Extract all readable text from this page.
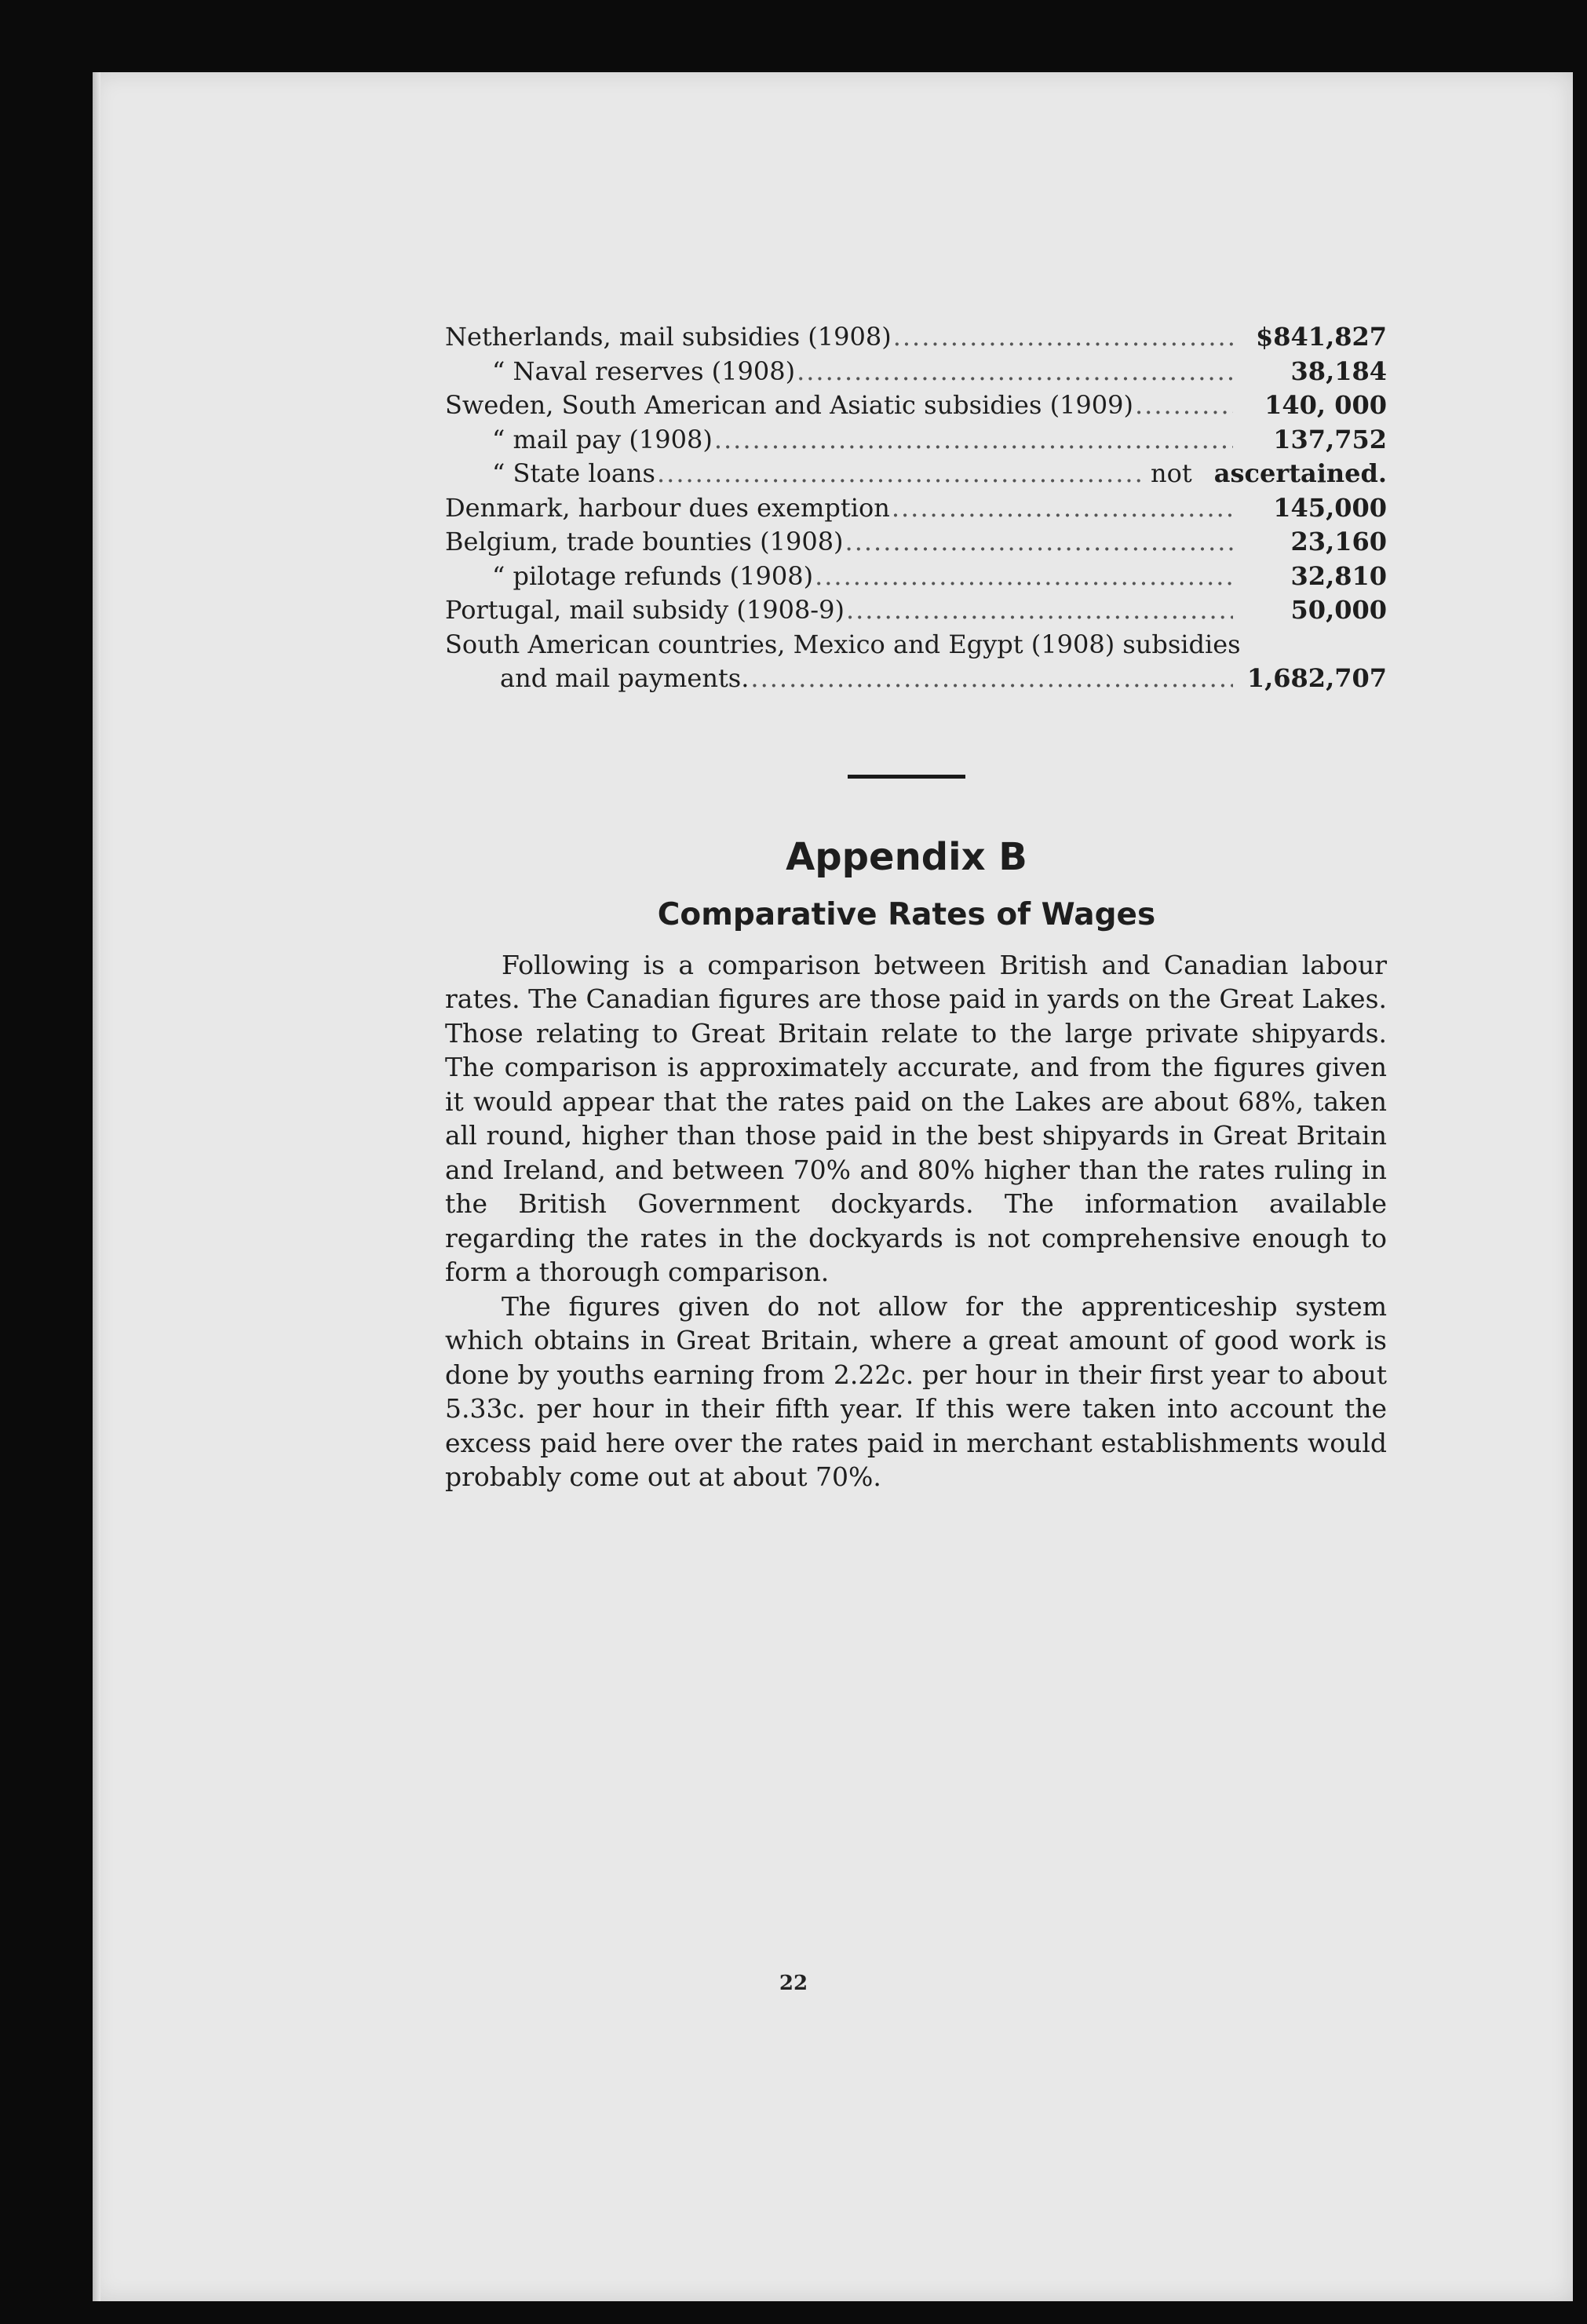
Netherlands, mail subsidies (1908) .....	$841,827
“ Naval reserves (1908) .....	38,184
Sweden, South American and Asiatic subsidies (1909) .....	140, 000
“ mail pay (1908) .....	137,752
“ State loans .....	not ascertained.
Denmark, harbour dues exemption .....	145,000
Belgium, trade bounties (1908) .....	23,160
“ pilotage refunds (1908) .....	32,810
Portugal, mail subsidy (1908-9) .....	50,000
South American countries, Mexico and Egypt (1908) subsidies
and mail payments. .....	1,682,707
Appendix B
Comparative Rates of Wages

Following is a comparison between British and Canadian labour rates. The Canadian figures are those paid in yards on the Great Lakes. Those relating to Great Britain relate to the large private shipyards. The comparison is approximately accurate, and from the figures given it would appear that the rates paid on the Lakes are about 68%, taken all round, higher than those paid in the best shipyards in Great Britain and Ireland, and between 70% and 80% higher than the rates ruling in the British Government dockyards. The information available regarding the rates in the dockyards is not comprehensive enough to form a thorough comparison.

The figures given do not allow for the apprenticeship system which obtains in Great Britain, where a great amount of good work is done by youths earning from 2.22c. per hour in their first year to about 5.33c. per hour in their fifth year. If this were taken into account the excess paid here over the rates paid in merchant establishments would probably come out at about 70%.

22
